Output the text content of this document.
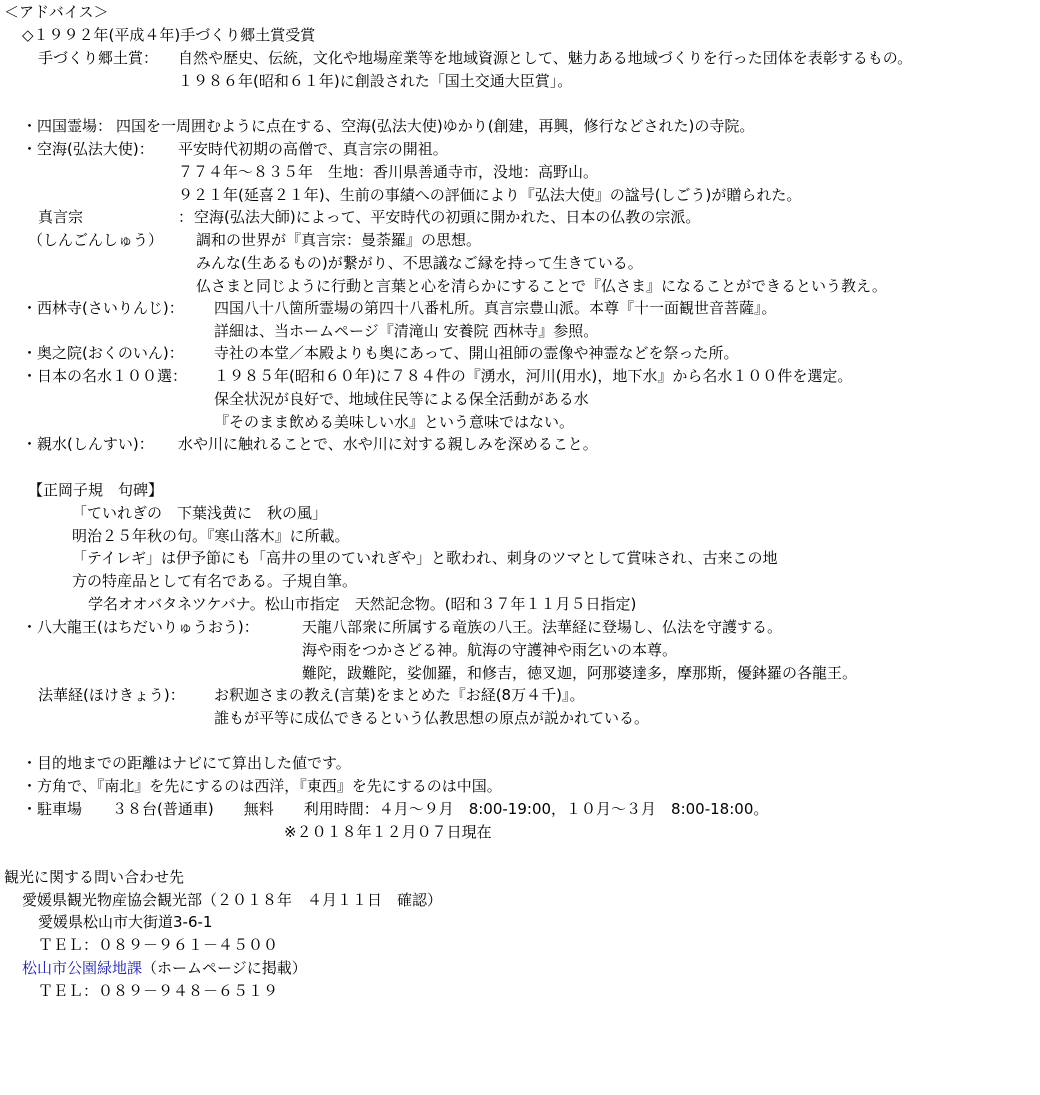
＜アドバイス＞
◇１９９２年(平成４年)手づくり郷土賞受賞
手づくり郷土賞： 自然や歴史、伝統，文化や地場産業等を地域資源として、魅力ある地域づくりを行った団体を表彰するもの。
１９８６年(昭和６１年)に創設された「国土交通大臣賞」。
・四国霊場： 四国を一周囲むように点在する、空海(弘法大使)ゆかり(創建，再興，修行などされた)の寺院。
・空海(弘法大使)： 平安時代初期の高僧で、真言宗の開祖。
７７４年～８３５年　生地：香川県善通寺市，没地：高野山。
９２１年(延喜２１年)、生前の事績への評価により『弘法大使』の諡号(しごう)が贈られた。
真言宗	： 空海(弘法大師)によって、平安時代の初頭に開かれた、日本の仏教の宗派。
（しんごんしゅう） 調和の世界が『真言宗：曼荼羅』の思想。
みんな(生あるもの)が繋がり、不思議なご縁を持って生きている。
仏さまと同じように行動と言葉と心を清らかにすることで『仏さま』になることができるという教え。
・西林寺(さいりんじ)： 四国八十八箇所霊場の第四十八番札所。真言宗豊山派。本尊『十一面観世音菩薩』。
詳細は、当ホームページ『清滝山 安養院 西林寺』参照。
・奥之院(おくのいん)： 寺社の本堂／本殿よりも奥にあって、開山祖師の霊像や神霊などを祭った所。
・日本の名水１００選： １９８５年(昭和６０年)に７８４件の『湧水，河川(用水)，地下水』から名水１００件を選定。
保全状況が良好で、地域住民等による保全活動がある水
『そのまま飲める美味しい水』という意味ではない。
・親水(しんすい)： 水や川に触れることで、水や川に対する親しみを深めること。
【正岡子規　句碑】
「ていれぎの　下葉浅黄に　秋の風」
明治２５年秋の句。『寒山落木』に所載。
「テイレギ」は伊予節にも「高井の里のていれぎや」と歌われ、刺身のツマとして賞味され、古来この地
方の特産品として有名である。子規自筆。
学名オオバタネツケバナ。松山市指定　天然記念物。(昭和３７年１１月５日指定)
・八大龍王(はちだいりゅうおう)：	天龍八部衆に所属する竜族の八王。法華経に登場し、仏法を守護する。
海や雨をつかさどる神。航海の守護神や雨乞いの本尊。
難陀，跋難陀，娑伽羅，和修吉，徳叉迦，阿那婆達多，摩那斯，優鉢羅の各龍王。
法華経(ほけきょう)： お釈迦さまの教え(言葉)をまとめた『お経(8万４千)』。
誰もが平等に成仏できるという仏教思想の原点が説かれている。
・目的地までの距離はナビにて算出した値です。
・方角で、『南北』を先にするのは西洋，『東西』を先にするのは中国。
・駐車場　　３８台(普通車)　　無料　　利用時間：４月～９月　8:00-19:00，１０月～３月　8:00-18:00。
※２０１８年１２月０７日現在
観光に関する問い合わせ先
愛媛県観光物産協会観光部（２０１８年　４月１１日　確認）
愛媛県松山市大街道3-6-1
ＴＥＬ：０８９－９６１－４５００
松山市公園緑地課（ホームページに掲載）
ＴＥＬ：０８９－９４８－６５１９
